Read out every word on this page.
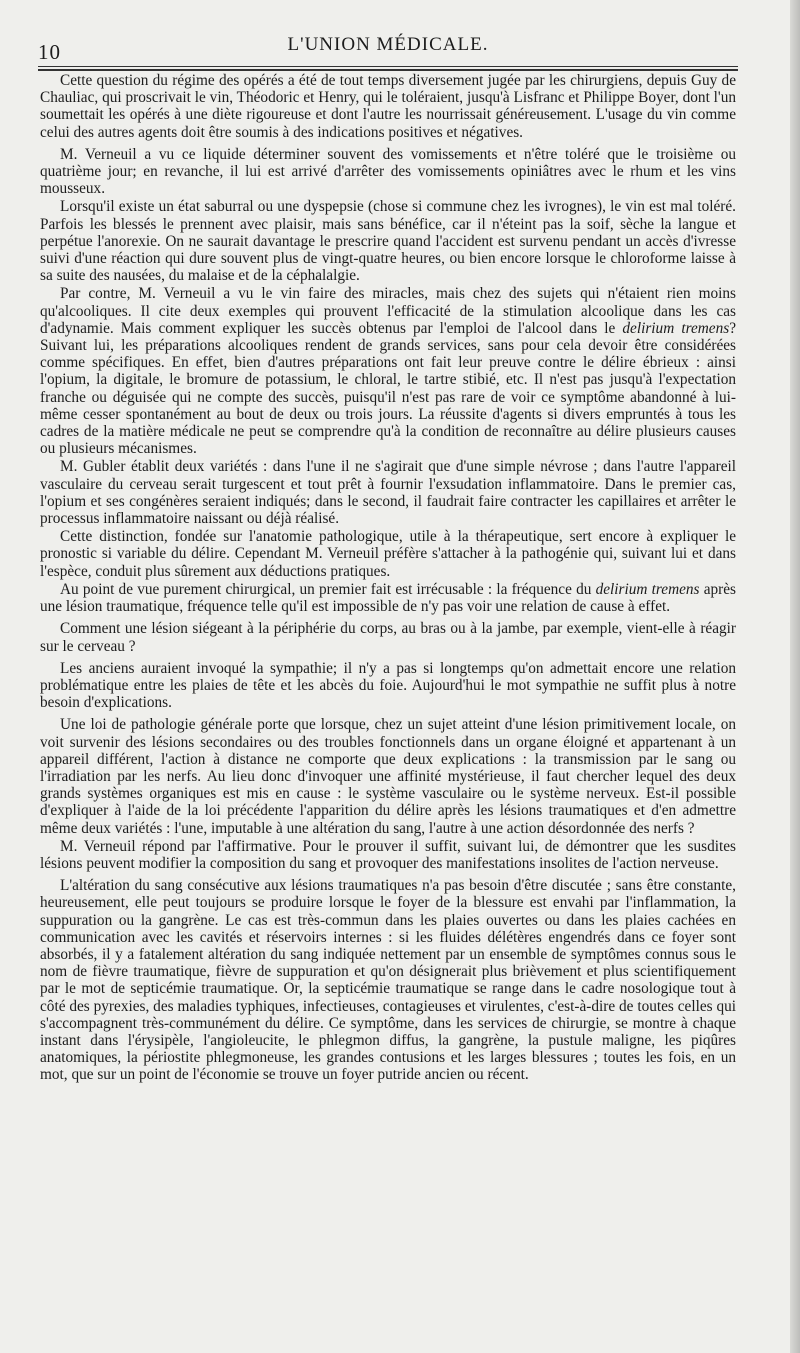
10	L'UNION MÉDICALE.

Cette question du régime des opérés a été de tout temps diversement jugée par les chirurgiens, depuis Guy de Chauliac, qui proscrivait le vin, Théodoric et Henry, qui le toléraient, jusqu'à Lisfranc et Philippe Boyer, dont l'un soumettait les opérés à une diète rigoureuse et dont l'autre les nourrissait généreusement. L'usage du vin comme celui des autres agents doit être soumis à des indications positives et négatives.

M. Verneuil a vu ce liquide déterminer souvent des vomissements et n'être toléré que le troisième ou quatrième jour; en revanche, il lui est arrivé d'arrêter des vomissements opiniâtres avec le rhum et les vins mousseux.

Lorsqu'il existe un état saburral ou une dyspepsie (chose si commune chez les ivrognes), le vin est mal toléré. Parfois les blessés le prennent avec plaisir, mais sans bénéfice, car il n'éteint pas la soif, sèche la langue et perpétue l'anorexie. On ne saurait davantage le prescrire quand l'accident est survenu pendant un accès d'ivresse suivi d'une réaction qui dure souvent plus de vingt-quatre heures, ou bien encore lorsque le chloroforme laisse à sa suite des nausées, du malaise et de la céphalalgie.

Par contre, M. Verneuil a vu le vin faire des miracles, mais chez des sujets qui n'étaient rien moins qu'alcooliques. Il cite deux exemples qui prouvent l'efficacité de la stimulation alcoolique dans les cas d'adynamie. Mais comment expliquer les succès obtenus par l'emploi de l'alcool dans le delirium tremens? Suivant lui, les préparations alcooliques rendent de grands services, sans pour cela devoir être considérées comme spécifiques. En effet, bien d'autres préparations ont fait leur preuve contre le délire ébrieux : ainsi l'opium, la digitale, le bromure de potassium, le chloral, le tartre stibié, etc. Il n'est pas jusqu'à l'expectation franche ou déguisée qui ne compte des succès, puisqu'il n'est pas rare de voir ce symptôme abandonné à lui-même cesser spontanément au bout de deux ou trois jours. La réussite d'agents si divers empruntés à tous les cadres de la matière médicale ne peut se comprendre qu'à la condition de reconnaître au délire plusieurs causes ou plusieurs mécanismes.

M. Gubler établit deux variétés : dans l'une il ne s'agirait que d'une simple névrose ; dans l'autre l'appareil vasculaire du cerveau serait turgescent et tout prêt à fournir l'exsudation inflammatoire. Dans le premier cas, l'opium et ses congénères seraient indiqués; dans le second, il faudrait faire contracter les capillaires et arrêter le processus inflammatoire naissant ou déjà réalisé.

Cette distinction, fondée sur l'anatomie pathologique, utile à la thérapeutique, sert encore à expliquer le pronostic si variable du délire. Cependant M. Verneuil préfère s'attacher à la pathogénie qui, suivant lui et dans l'espèce, conduit plus sûrement aux déductions pratiques.

Au point de vue purement chirurgical, un premier fait est irrécusable : la fréquence du delirium tremens après une lésion traumatique, fréquence telle qu'il est impossible de n'y pas voir une relation de cause à effet.

Comment une lésion siégeant à la périphérie du corps, au bras ou à la jambe, par exemple, vient-elle à réagir sur le cerveau ?

Les anciens auraient invoqué la sympathie; il n'y a pas si longtemps qu'on admettait encore une relation problématique entre les plaies de tête et les abcès du foie. Aujourd'hui le mot sympathie ne suffit plus à notre besoin d'explications.

Une loi de pathologie générale porte que lorsque, chez un sujet atteint d'une lésion primitivement locale, on voit survenir des lésions secondaires ou des troubles fonctionnels dans un organe éloigné et appartenant à un appareil différent, l'action à distance ne comporte que deux explications : la transmission par le sang ou l'irradiation par les nerfs. Au lieu donc d'invoquer une affinité mystérieuse, il faut chercher lequel des deux grands systèmes organiques est mis en cause : le système vasculaire ou le système nerveux. Est-il possible d'expliquer à l'aide de la loi précédente l'apparition du délire après les lésions traumatiques et d'en admettre même deux variétés : l'une, imputable à une altération du sang, l'autre à une action désordonnée des nerfs ?

M. Verneuil répond par l'affirmative. Pour le prouver il suffit, suivant lui, de démontrer que les susdites lésions peuvent modifier la composition du sang et provoquer des manifestations insolites de l'action nerveuse.

L'altération du sang consécutive aux lésions traumatiques n'a pas besoin d'être discutée ; sans être constante, heureusement, elle peut toujours se produire lorsque le foyer de la blessure est envahi par l'inflammation, la suppuration ou la gangrène. Le cas est très-commun dans les plaies ouvertes ou dans les plaies cachées en communication avec les cavités et réservoirs internes : si les fluides délétères engendrés dans ce foyer sont absorbés, il y a fatalement altération du sang indiquée nettement par un ensemble de symptômes connus sous le nom de fièvre traumatique, fièvre de suppuration et qu'on désignerait plus brièvement et plus scientifiquement par le mot de septicémie traumatique. Or, la septicémie traumatique se range dans le cadre nosologique tout à côté des pyrexies, des maladies typhiques, infectieuses, contagieuses et virulentes, c'est-à-dire de toutes celles qui s'accompagnent très-communément du délire. Ce symptôme, dans les services de chirurgie, se montre à chaque instant dans l'érysipèle, l'angioleucite, le phlegmon diffus, la gangrène, la pustule maligne, les piqûres anatomiques, la périostite phlegmoneuse, les grandes contusions et les larges blessures ; toutes les fois, en un mot, que sur un point de l'économie se trouve un foyer putride ancien ou récent.
